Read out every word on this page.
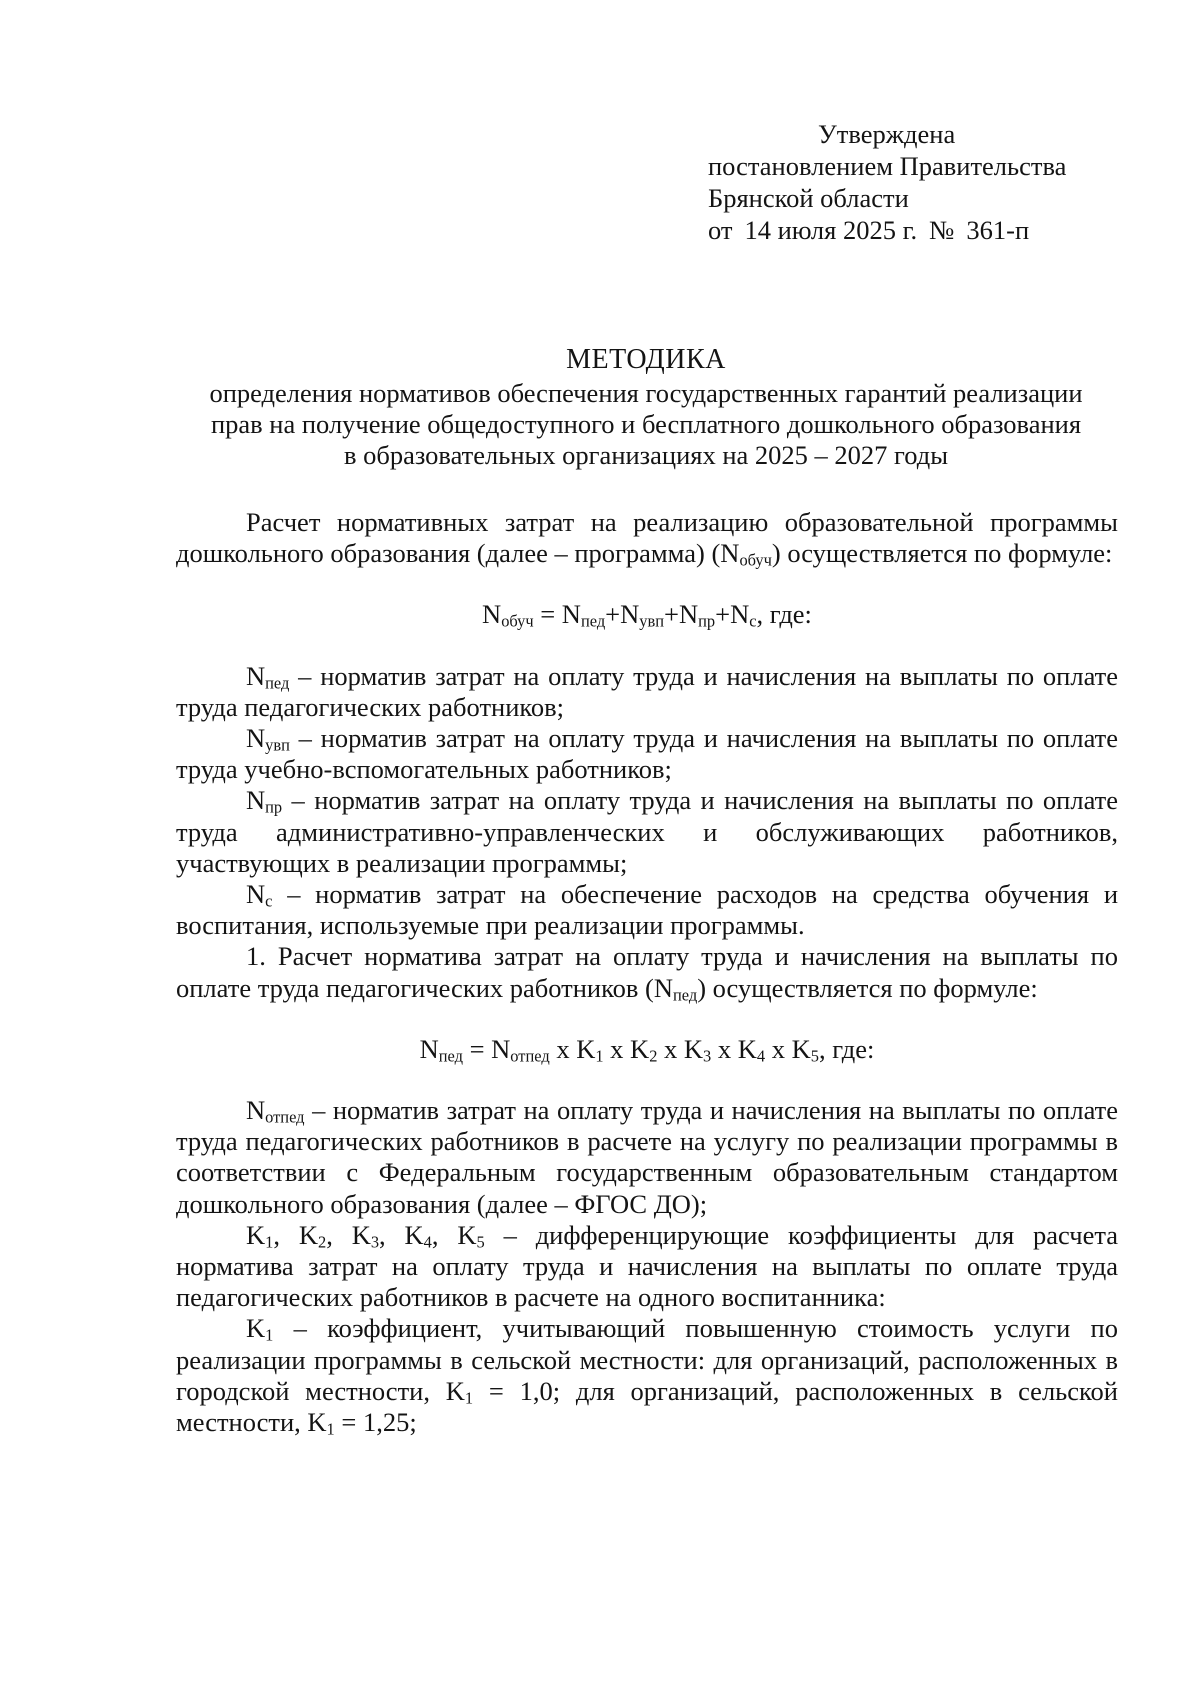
Утверждена
постановлением Правительства
Брянской области
от 14 июля 2025 г. № 361-п
МЕТОДИКА
определения нормативов обеспечения государственных гарантий реализации
прав на получение общедоступного и бесплатного дошкольного образования
в образовательных организациях на 2025 – 2027 годы

Расчет нормативных затрат на реализацию образовательной программы дошкольного образования (далее – программа) $(N_{обуч})$ осуществляется по формуле:

$N_{обуч} = N_{пед}+N_{увп}+N_{пр}+N_с$, где:

$N_{пед}$ – норматив затрат на оплату труда и начисления на выплаты по оплате труда педагогических работников;

$N_{увп}$ – норматив затрат на оплату труда и начисления на выплаты по оплате труда учебно-вспомогательных работников;

$N_{пр}$ – норматив затрат на оплату труда и начисления на выплаты по оплате труда административно-управленческих и обслуживающих работников, участвующих в реализации программы;

$N_с$ – норматив затрат на обеспечение расходов на средства обучения и воспитания, используемые при реализации программы.

1. Расчет норматива затрат на оплату труда и начисления на выплаты по оплате труда педагогических работников $(N_{пед})$ осуществляется по формуле:

$N_{пед} = N_{отпед}$ x $K_1$ x $K_2$ x $K_3$ x $K_4$ x $K_5$, где:

$N_{отпед}$ – норматив затрат на оплату труда и начисления на выплаты по оплате труда педагогических работников в расчете на услугу по реализации программы в соответствии с Федеральным государственным образовательным стандартом дошкольного образования (далее – ФГОС ДО);

$K_1$, $K_2$, $K_3$, $K_4$, $K_5$ – дифференцирующие коэффициенты для расчета норматива затрат на оплату труда и начисления на выплаты по оплате труда педагогических работников в расчете на одного воспитанника:

$K_1$ – коэффициент, учитывающий повышенную стоимость услуги по реализации программы в сельской местности: для организаций, расположенных в городской местности, $K_1 = 1,0$; для организаций, расположенных в сельской местности, $K_1 = 1,25$;
